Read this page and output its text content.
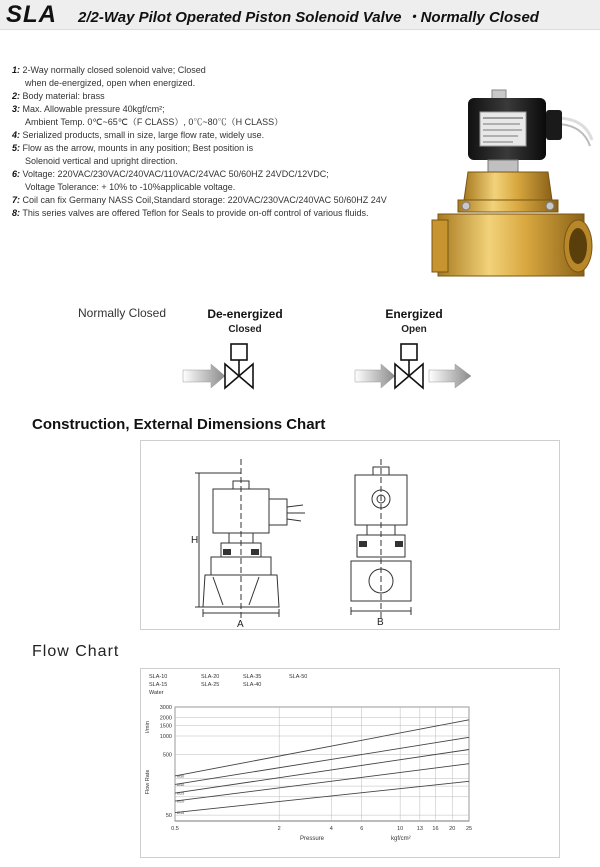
SLA 2/2-Way Pilot Operated Piston Solenoid Valve ・Normally Closed
1: 2-Way normally closed solenoid valve; Closed
when de-energized, open when energized.
2: Body material: brass
3: Max. Allowable pressure 40kgf/cm²;
Ambient Temp. 0℃~65℃（F CLASS）, 0℃~80℃（H CLASS）
4: Serialized products, small in size, large flow rate, widely use.
5: Flow as the arrow, mounts in any position; Best position is
Solenoid vertical and upright direction.
6: Voltage: 220VAC/230VAC/240VAC/110VAC/24VAC 50/60HZ 24VDC/12VDC;
Voltage Tolerance: + 10% to -10%applicable voltage.
7: Coil can fix Germany NASS Coil,Standard storage: 220VAC/230VAC/240VAC 50/60HZ 24V
8: This series valves are offered Teflon for Seals to provide on-off control of various fluids.
Normally Closed	De-energized
Closed
Energized
Open
Construction, External Dimensions Chart
H
A	B
Flow Chart
50
500
1000
1500
2000
3000
0.5	2	4	6	10 13 16 20 25
Flow Rate
l/min
Pressure	kgf/cm²
SLA-10
SLA-15
SLA-20
SLA-25
SLA-35
SLA-40
SLA-50
Water
Ø50
Ø40
Ø25
Ø20
Ø15
